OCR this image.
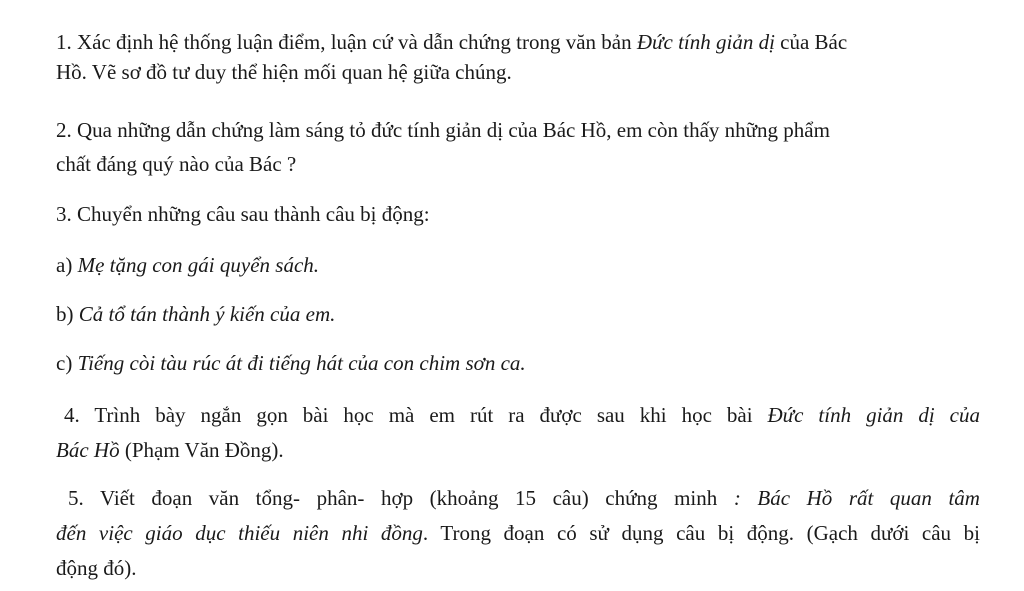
1. Xác định hệ thống luận điểm, luận cứ và dẫn chứng trong văn bản Đức tính giản dị của Bác
Hồ. Vẽ sơ đồ tư duy thể hiện mối quan hệ giữa chúng.
2. Qua những dẫn chứng làm sáng tỏ đức tính giản dị của Bác Hồ, em còn thấy những phẩm
chất đáng quý nào của Bác ?
3. Chuyển những câu sau thành câu bị động:
a) Mẹ tặng con gái quyển sách.
b) Cả tổ tán thành ý kiến của em.
c) Tiếng còi tàu rúc át đi tiếng hát của con chim sơn ca.
4. Trình bày ngắn gọn bài học mà em rút ra được sau khi học bài Đức tính giản dị của
Bác Hồ (Phạm Văn Đồng).
5. Viết đoạn văn tổng- phân- hợp (khoảng 15 câu) chứng minh : Bác Hồ rất quan tâm
đến việc giáo dục thiếu niên nhi đồng. Trong đoạn có sử dụng câu bị động. (Gạch dưới câu bị
động đó).
